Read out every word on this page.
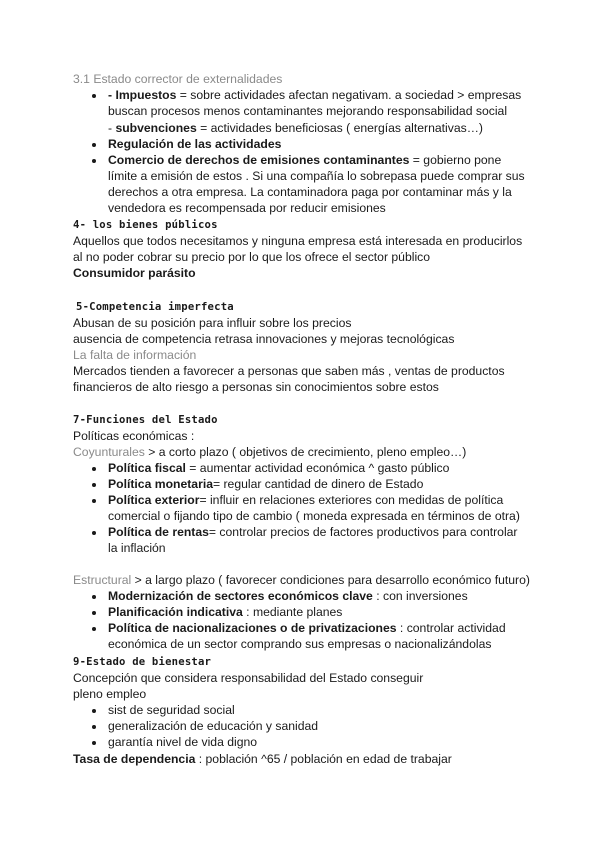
3.1 Estado corrector de externalidades
- Impuestos = sobre actividades afectan negativam. a sociedad > empresas
buscan procesos menos contaminantes mejorando responsabilidad social
- subvenciones = actividades beneficiosas ( energías alternativas…)
Regulación de las actividades
Comercio de derechos de emisiones contaminantes = gobierno pone
límite a emisión de estos . Si una compañía lo sobrepasa puede comprar sus
derechos a otra empresa. La contaminadora paga por contaminar más y la
vendedora es recompensada por reducir emisiones
4- los bienes públicos
Aquellos que todos necesitamos y ninguna empresa está interesada en producirlos
al no poder cobrar su precio por lo que los ofrece el sector público
Consumidor parásito
5-Competencia imperfecta
Abusan de su posición para influir sobre los precios
ausencia de competencia retrasa innovaciones y mejoras tecnológicas
La falta de información
Mercados tienden a favorecer a personas que saben más , ventas de productos
financieros de alto riesgo a personas sin conocimientos sobre estos
7-Funciones del Estado
Políticas económicas :
Coyunturales > a corto plazo ( objetivos de crecimiento, pleno empleo…)
Política fiscal = aumentar actividad económica ^ gasto público
Política monetaria= regular cantidad de dinero de Estado
Política exterior= influir en relaciones exteriores con medidas de política
comercial o fijando tipo de cambio ( moneda expresada en términos de otra)
Política de rentas= controlar precios de factores productivos para controlar
la inflación
Estructural > a largo plazo ( favorecer condiciones para desarrollo económico futuro)
Modernización de sectores económicos clave : con inversiones
Planificación indicativa : mediante planes
Política de nacionalizaciones o de privatizaciones : controlar actividad
económica de un sector comprando sus empresas o nacionalizándolas
9-Estado de bienestar
Concepción que considera responsabilidad del Estado conseguir
pleno empleo
sist de seguridad social
generalización de educación y sanidad
garantía nivel de vida digno
Tasa de dependencia : población ^65 / población en edad de trabajar
